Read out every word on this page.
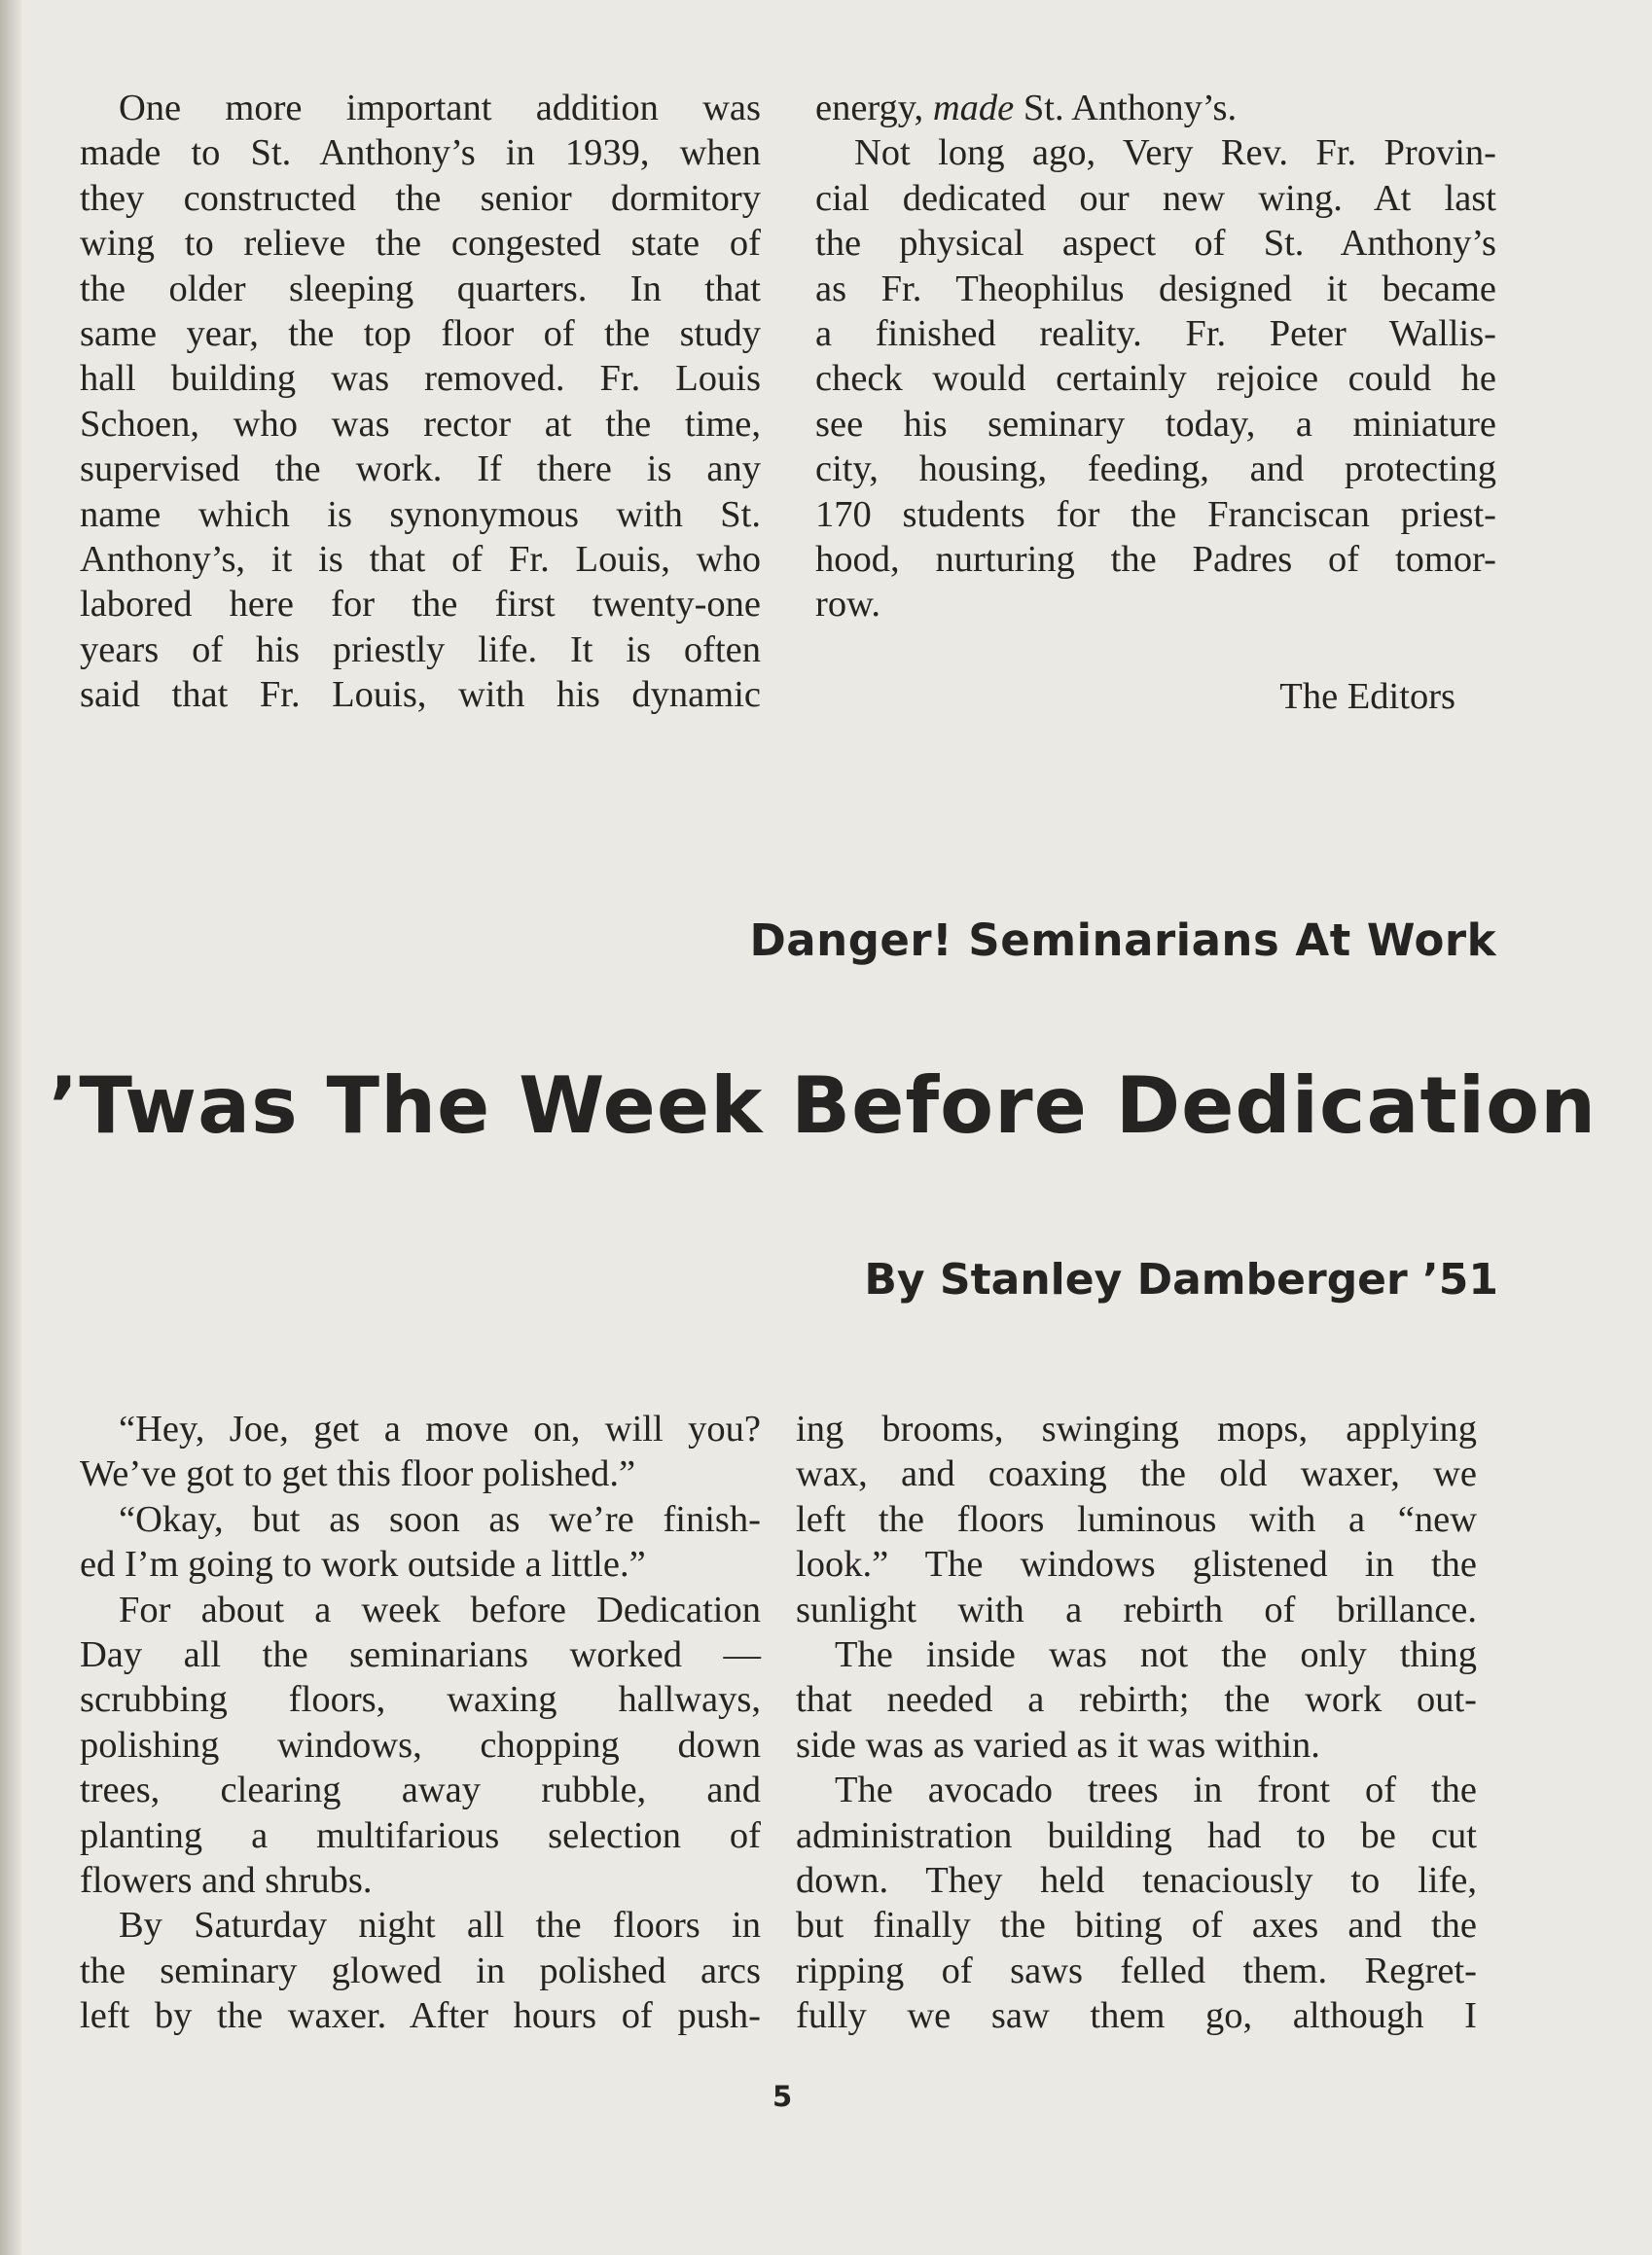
One more important addition was
made to St. Anthony’s in 1939, when
they constructed the senior dormitory
wing to relieve the congested state of
the older sleeping quarters. In that
same year, the top floor of the study
hall building was removed. Fr. Louis
Schoen, who was rector at the time,
supervised the work. If there is any
name which is synonymous with St.
Anthony’s, it is that of Fr. Louis, who
labored here for the first twenty-one
years of his priestly life. It is often
said that Fr. Louis, with his dynamic
energy, made St. Anthony’s.
Not long ago, Very Rev. Fr. Provin-
cial dedicated our new wing. At last
the physical aspect of St. Anthony’s
as Fr. Theophilus designed it became
a finished reality. Fr. Peter Wallis-
check would certainly rejoice could he
see his seminary today, a miniature
city, housing, feeding, and protecting
170 students for the Franciscan priest-
hood, nurturing the Padres of tomor-
row.
The Editors
Danger! Seminarians At Work
’Twas The Week Before Dedication
By Stanley Damberger ’51
“Hey, Joe, get a move on, will you?
We’ve got to get this floor polished.”
“Okay, but as soon as we’re finish-
ed I’m going to work outside a little.”
For about a week before Dedication
Day all the seminarians worked —
scrubbing floors, waxing hallways,
polishing windows, chopping down
trees, clearing away rubble, and
planting a multifarious selection of
flowers and shrubs.
By Saturday night all the floors in
the seminary glowed in polished arcs
left by the waxer. After hours of push-
ing brooms, swinging mops, applying
wax, and coaxing the old waxer, we
left the floors luminous with a “new
look.” The windows glistened in the
sunlight with a rebirth of brillance.
The inside was not the only thing
that needed a rebirth; the work out-
side was as varied as it was within.
The avocado trees in front of the
administration building had to be cut
down. They held tenaciously to life,
but finally the biting of axes and the
ripping of saws felled them. Regret-
fully we saw them go, although I
5
